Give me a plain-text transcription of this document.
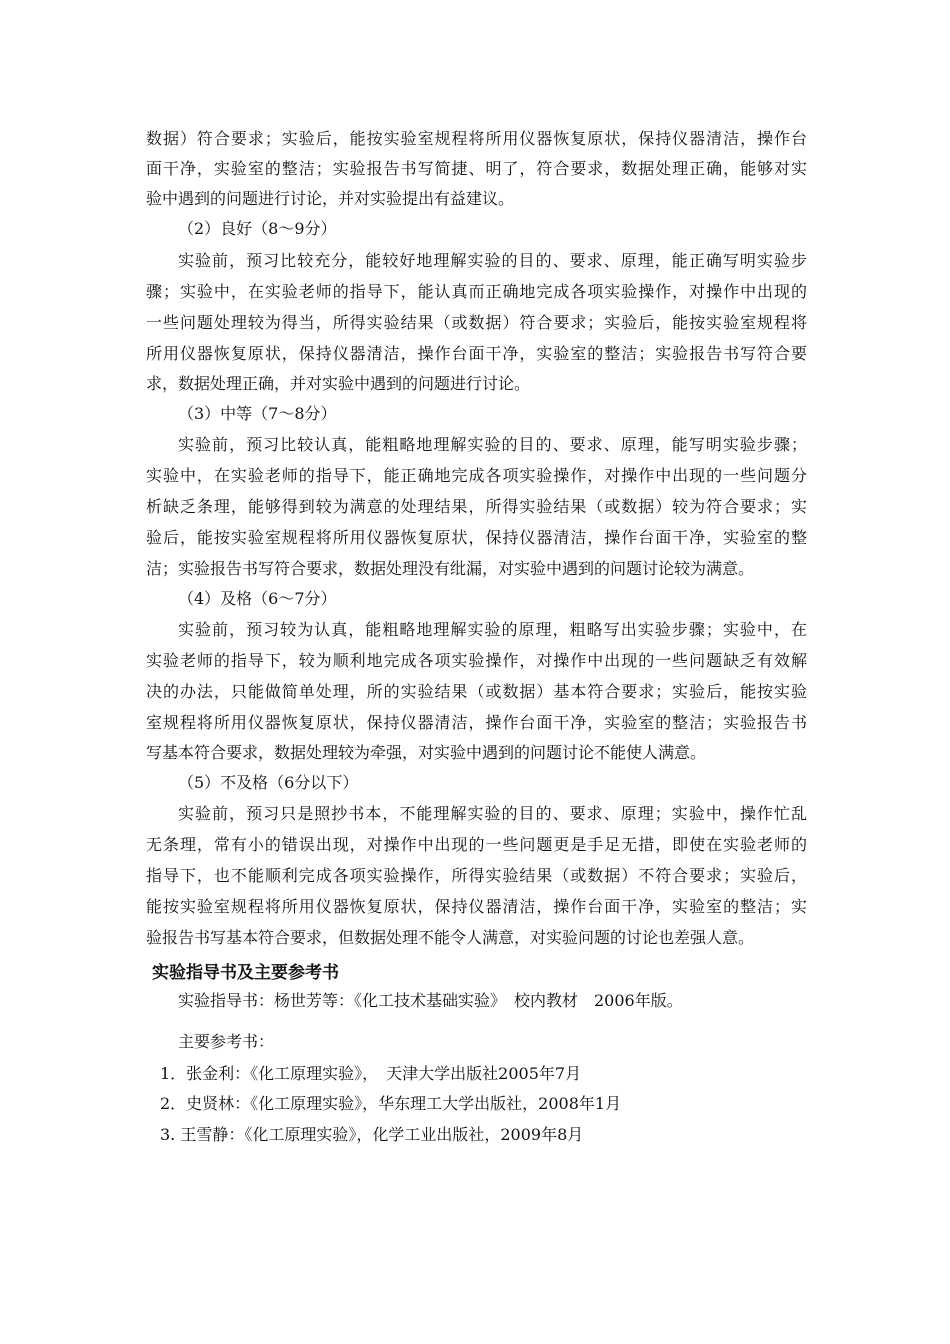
数据）符合要求；实验后，能按实验室规程将所用仪器恢复原状，保持仪器清洁，操作台
面干净，实验室的整洁；实验报告书写简捷、明了，符合要求，数据处理正确，能够对实
验中遇到的问题进行讨论，并对实验提出有益建议。
（2）良好（8～9分）
实验前，预习比较充分，能较好地理解实验的目的、要求、原理，能正确写明实验步
骤；实验中，在实验老师的指导下，能认真而正确地完成各项实验操作，对操作中出现的
一些问题处理较为得当，所得实验结果（或数据）符合要求；实验后，能按实验室规程将
所用仪器恢复原状，保持仪器清洁，操作台面干净，实验室的整洁；实验报告书写符合要
求，数据处理正确，并对实验中遇到的问题进行讨论。
（3）中等（7～8分）
实验前，预习比较认真，能粗略地理解实验的目的、要求、原理，能写明实验步骤；
实验中，在实验老师的指导下，能正确地完成各项实验操作，对操作中出现的一些问题分
析缺乏条理，能够得到较为满意的处理结果，所得实验结果（或数据）较为符合要求；实
验后，能按实验室规程将所用仪器恢复原状，保持仪器清洁，操作台面干净，实验室的整
洁；实验报告书写符合要求，数据处理没有纰漏，对实验中遇到的问题讨论较为满意。
（4）及格（6～7分）
实验前，预习较为认真，能粗略地理解实验的原理，粗略写出实验步骤；实验中，在
实验老师的指导下，较为顺利地完成各项实验操作，对操作中出现的一些问题缺乏有效解
决的办法，只能做简单处理，所的实验结果（或数据）基本符合要求；实验后，能按实验
室规程将所用仪器恢复原状，保持仪器清洁，操作台面干净，实验室的整洁；实验报告书
写基本符合要求，数据处理较为牵强，对实验中遇到的问题讨论不能使人满意。
（5）不及格（6分以下）
实验前，预习只是照抄书本，不能理解实验的目的、要求、原理；实验中，操作忙乱
无条理，常有小的错误出现，对操作中出现的一些问题更是手足无措，即使在实验老师的
指导下，也不能顺利完成各项实验操作，所得实验结果（或数据）不符合要求；实验后，
能按实验室规程将所用仪器恢复原状，保持仪器清洁，操作台面干净，实验室的整洁；实
验报告书写基本符合要求，但数据处理不能令人满意，对实验问题的讨论也差强人意。
实验指导书及主要参考书
实验指导书：杨世芳等：《化工技术基础实验》　校内教材　2006年版。
主要参考书：
1．张金利：《化工原理实验》，　天津大学出版社2005年7月
2．史贤林：《化工原理实验》，华东理工大学出版社，2008年1月
3. 王雪静：《化工原理实验》，化学工业出版社，2009年8月
